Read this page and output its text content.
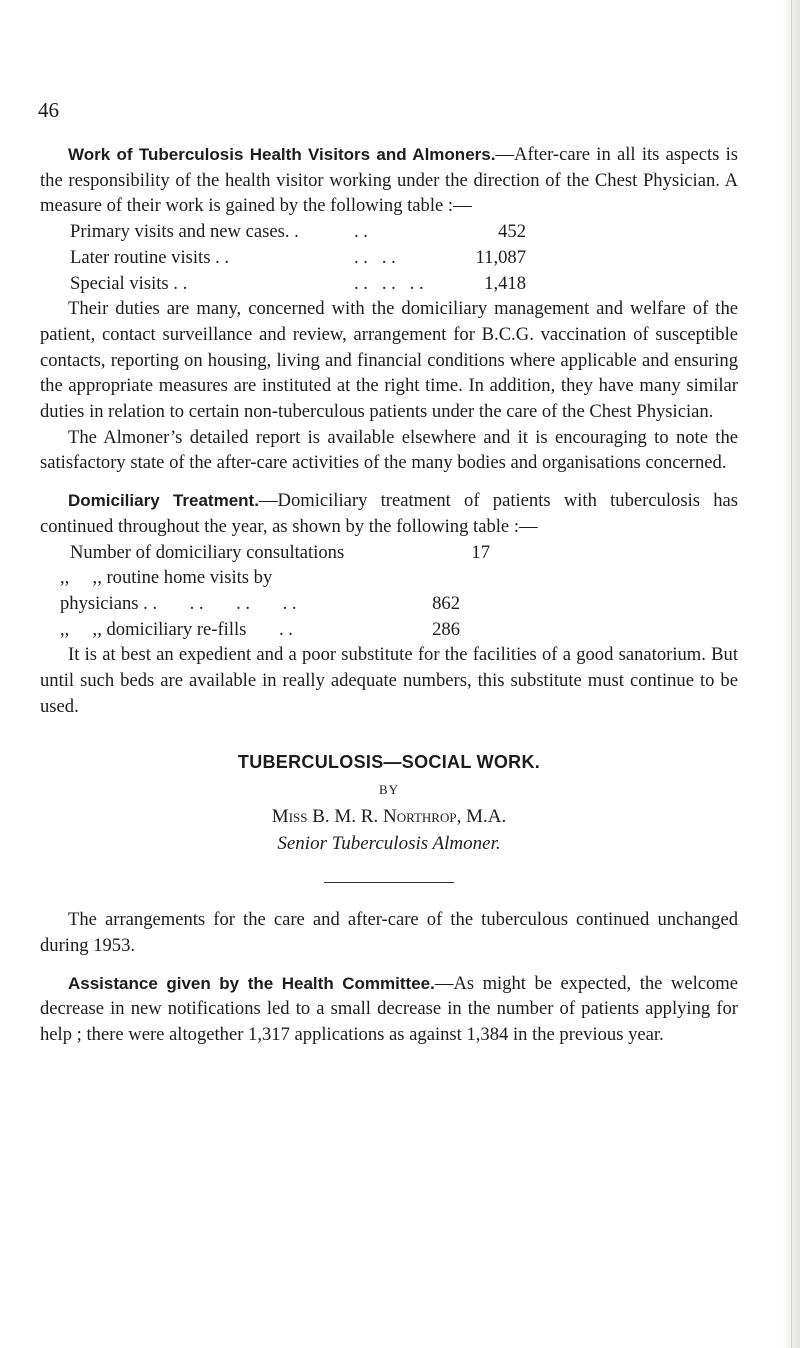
46

Work of Tuberculosis Health Visitors and Almoners.—After-care in all its aspects is the responsibility of the health visitor working under the direction of the Chest Physician. A measure of their work is gained by the following table :—

Primary visits and new cases. .	. .	452
Later routine visits . .	. .   . .	11,087
Special visits . .	. .   . .   . .	1,418

Their duties are many, concerned with the domiciliary management and welfare of the patient, contact surveillance and review, arrangement for B.C.G. vaccination of susceptible contacts, reporting on housing, living and financial conditions where applicable and ensuring the appropriate measures are instituted at the right time. In addition, they have many similar duties in relation to certain non-tuberculous patients under the care of the Chest Physician.

The Almoner’s detailed report is available elsewhere and it is encouraging to note the satisfactory state of the after-care activities of the many bodies and organisations concerned.

Domiciliary Treatment.—Domiciliary treatment of patients with tuberculosis has continued throughout the year, as shown by the following table :—

Number of domiciliary consultations	17
,,     ,, routine home visits by
physicians . .       . .       . .       . .	862
,,     ,, domiciliary re-fills       . .	286

It is at best an expedient and a poor substitute for the facilities of a good sanatorium. But until such beds are available in really adequate numbers, this substitute must continue to be used.

TUBERCULOSIS—SOCIAL WORK.
BY
Miss B. M. R. Northrop, M.A.
Senior Tuberculosis Almoner.

The arrangements for the care and after-care of the tuberculous continued unchanged during 1953.

Assistance given by the Health Committee.—As might be expected, the welcome decrease in new notifications led to a small decrease in the number of patients applying for help ; there were altogether 1,317 applications as against 1,384 in the previous year.
